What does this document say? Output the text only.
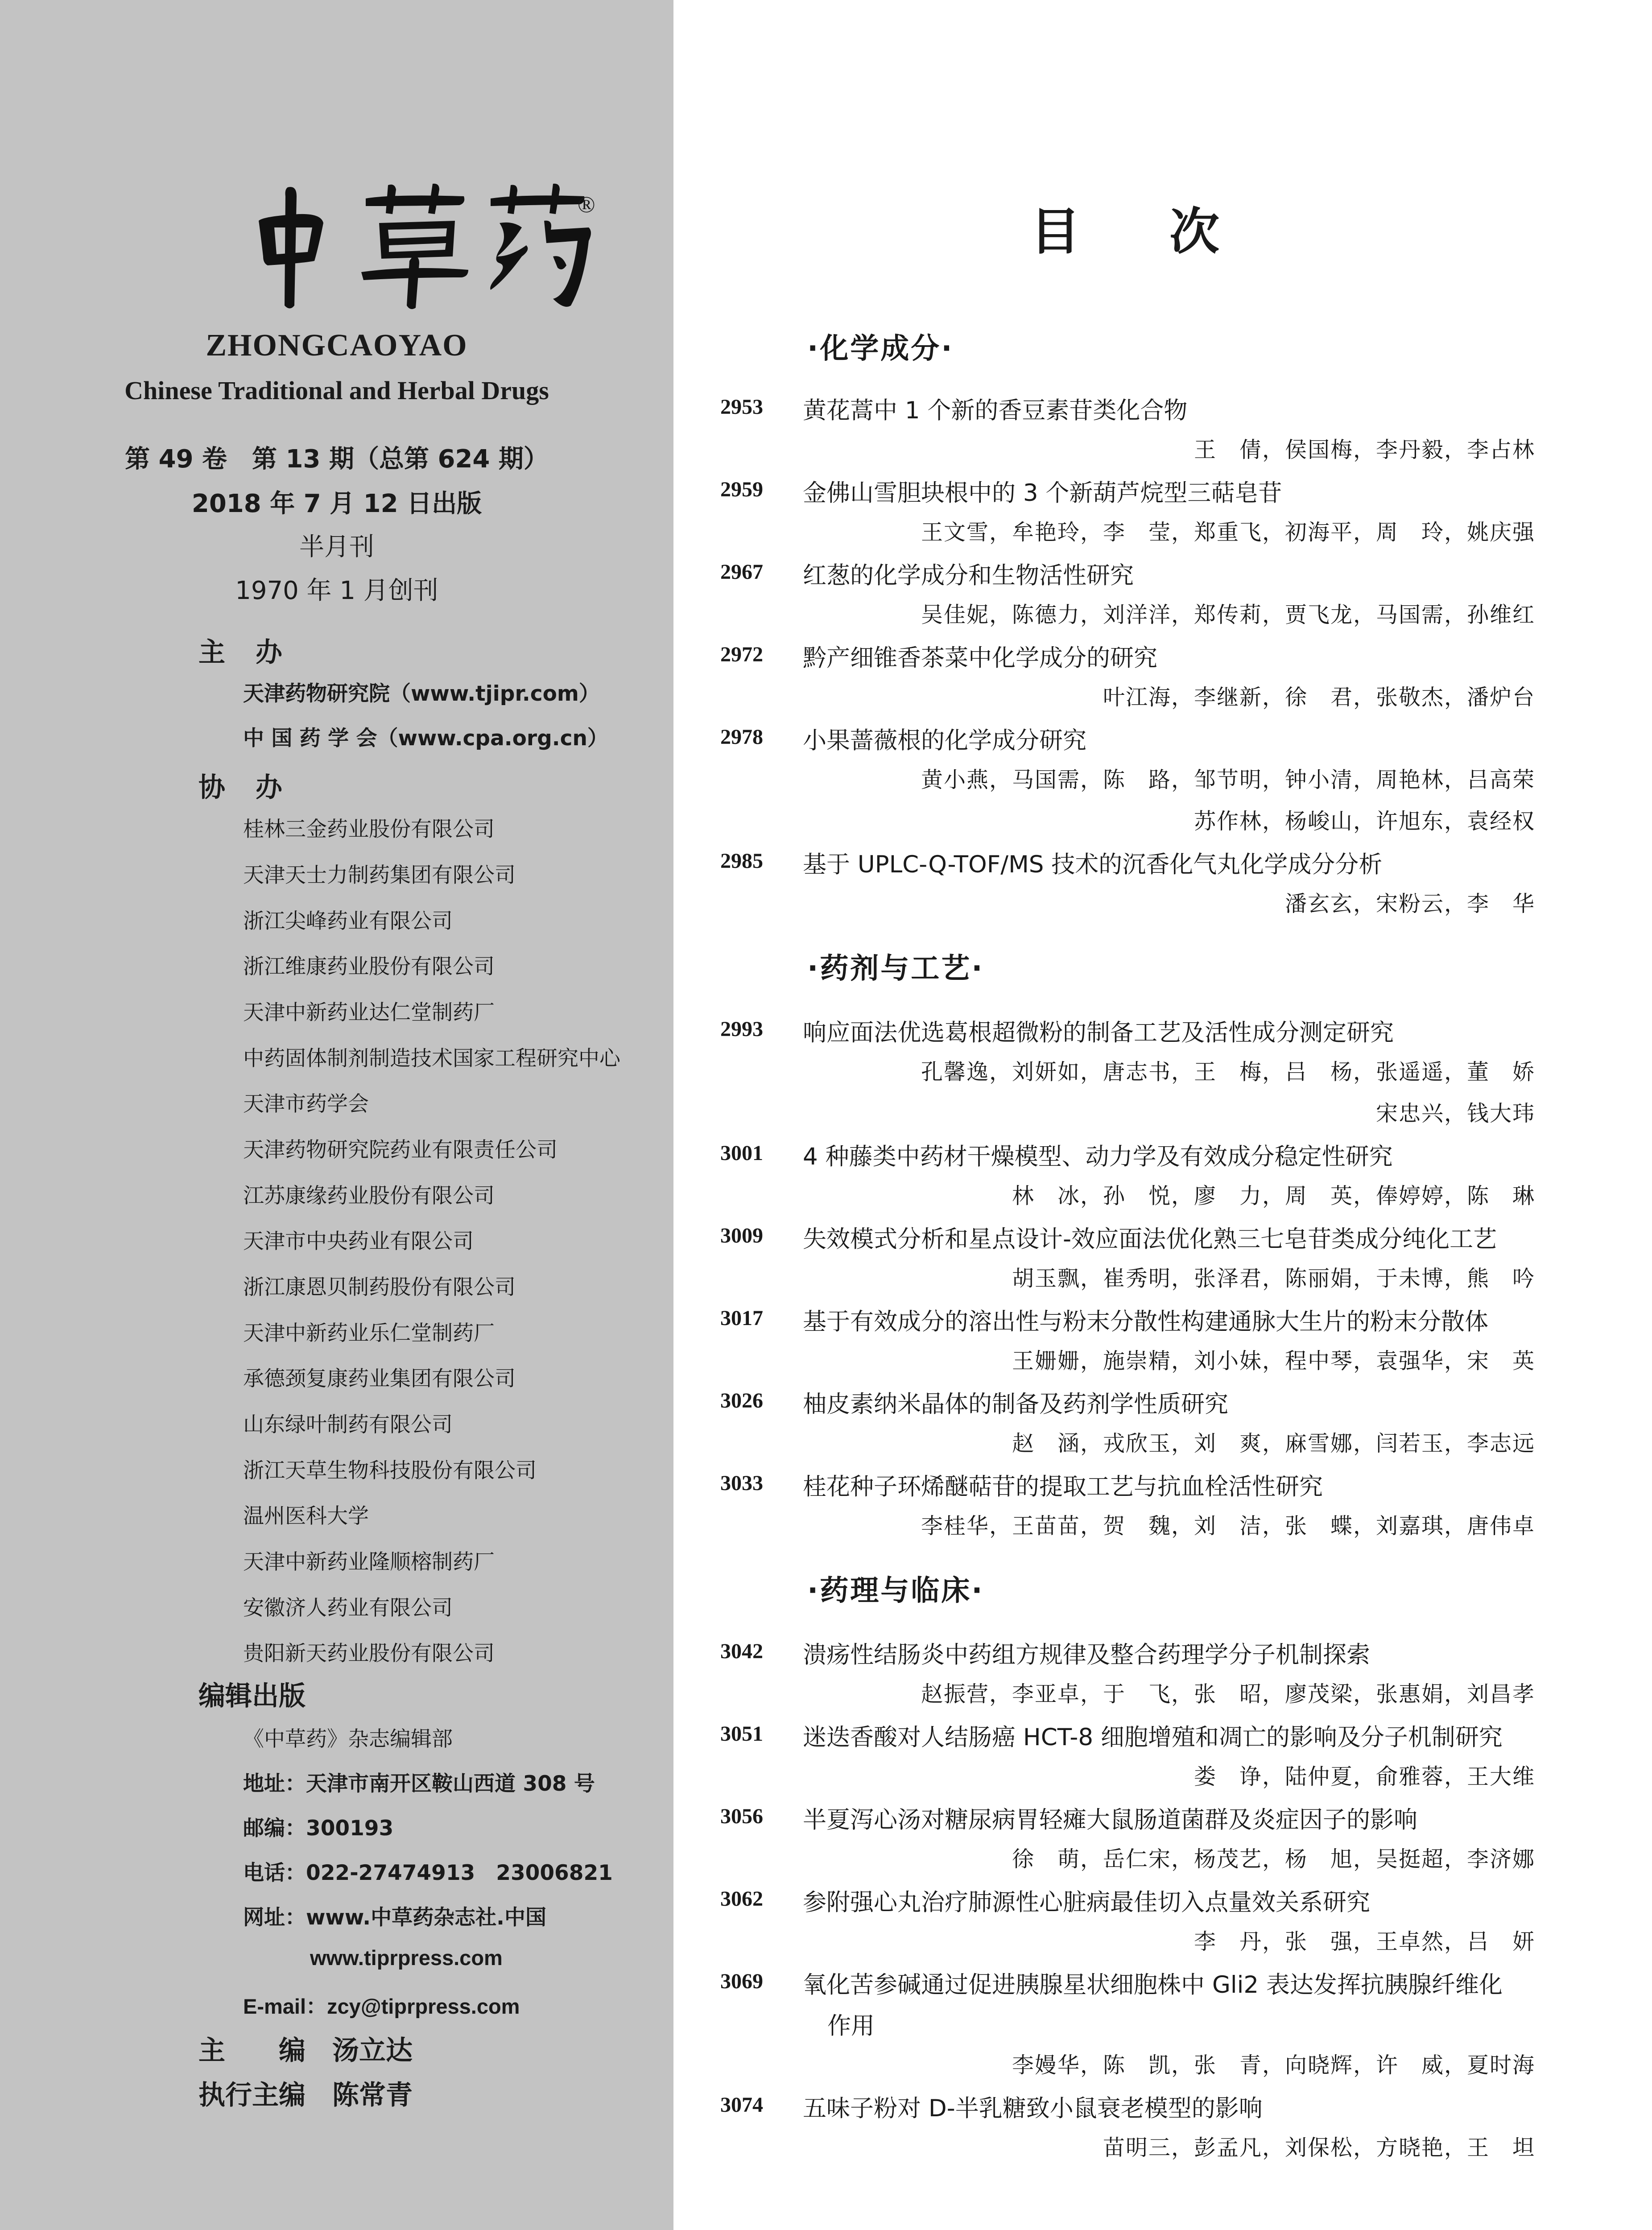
®
ZHONGCAOYAO
Chinese Traditional and Herbal Drugs
第 49 卷　第 13 期（总第 624 期）
2018 年 7 月 12 日出版
半月刊
1970 年 1 月创刊
主　办
天津药物研究院（www.tjipr.com）
中 国 药 学 会（www.cpa.org.cn）
协　办
桂林三金药业股份有限公司
天津天士力制药集团有限公司
浙江尖峰药业有限公司
浙江维康药业股份有限公司
天津中新药业达仁堂制药厂
中药固体制剂制造技术国家工程研究中心
天津市药学会
天津药物研究院药业有限责任公司
江苏康缘药业股份有限公司
天津市中央药业有限公司
浙江康恩贝制药股份有限公司
天津中新药业乐仁堂制药厂
承德颈复康药业集团有限公司
山东绿叶制药有限公司
浙江天草生物科技股份有限公司
温州医科大学
天津中新药业隆顺榕制药厂
安徽济人药业有限公司
贵阳新天药业股份有限公司
编辑出版
《中草药》杂志编辑部
地址：天津市南开区鞍山西道 308 号
邮编：300193
电话：022-27474913　23006821
网址：www.中草药杂志社.中国
www.tiprpress.com
E-mail：zcy@tiprpress.com
主　　编　汤立达
执行主编　陈常青
目次
·化学成分·
2953	黄花蒿中 1 个新的香豆素苷类化合物
王　倩，侯国梅，李丹毅，李占林
2959	金佛山雪胆块根中的 3 个新葫芦烷型三萜皂苷
王文雪，牟艳玲，李　莹，郑重飞，初海平，周　玲，姚庆强
2967	红葱的化学成分和生物活性研究
吴佳妮，陈德力，刘洋洋，郑传莉，贾飞龙，马国需，孙维红
2972	黔产细锥香茶菜中化学成分的研究
叶江海，李继新，徐　君，张敬杰，潘炉台
2978	小果蔷薇根的化学成分研究
黄小燕，马国需，陈　路，邹节明，钟小清，周艳林，吕高荣
苏作林，杨峻山，许旭东，袁经权
2985	基于 UPLC-Q-TOF/MS 技术的沉香化气丸化学成分分析
潘玄玄，宋粉云，李　华
·药剂与工艺·
2993	响应面法优选葛根超微粉的制备工艺及活性成分测定研究
孔馨逸，刘妍如，唐志书，王　梅，吕　杨，张遥遥，董　娇
宋忠兴，钱大玮
3001	4 种藤类中药材干燥模型、动力学及有效成分稳定性研究
林　冰，孙　悦，廖　力，周　英，俸婷婷，陈　琳
3009	失效模式分析和星点设计-效应面法优化熟三七皂苷类成分纯化工艺
胡玉飘，崔秀明，张泽君，陈丽娟，于未博，熊　吟
3017	基于有效成分的溶出性与粉末分散性构建通脉大生片的粉末分散体
王姗姗，施崇精，刘小妹，程中琴，袁强华，宋　英
3026	柚皮素纳米晶体的制备及药剂学性质研究
赵　涵，戎欣玉，刘　爽，麻雪娜，闫若玉，李志远
3033	桂花种子环烯醚萜苷的提取工艺与抗血栓活性研究
李桂华，王苗苗，贺　魏，刘　洁，张　蝶，刘嘉琪，唐伟卓
·药理与临床·
3042	溃疡性结肠炎中药组方规律及整合药理学分子机制探索
赵振营，李亚卓，于　飞，张　昭，廖茂梁，张惠娟，刘昌孝
3051	迷迭香酸对人结肠癌 HCT-8 细胞增殖和凋亡的影响及分子机制研究
娄　诤，陆仲夏，俞雅蓉，王大维
3056	半夏泻心汤对糖尿病胃轻瘫大鼠肠道菌群及炎症因子的影响
徐　萌，岳仁宋，杨茂艺，杨　旭，吴挺超，李济娜
3062	参附强心丸治疗肺源性心脏病最佳切入点量效关系研究
李　丹，张　强，王卓然，吕　妍
3069	氧化苦参碱通过促进胰腺星状细胞株中 Gli2 表达发挥抗胰腺纤维化
作用
李嫚华，陈　凯，张　青，向晓辉，许　威，夏时海
3074	五味子粉对 D-半乳糖致小鼠衰老模型的影响
苗明三，彭孟凡，刘保松，方晓艳，王　坦
